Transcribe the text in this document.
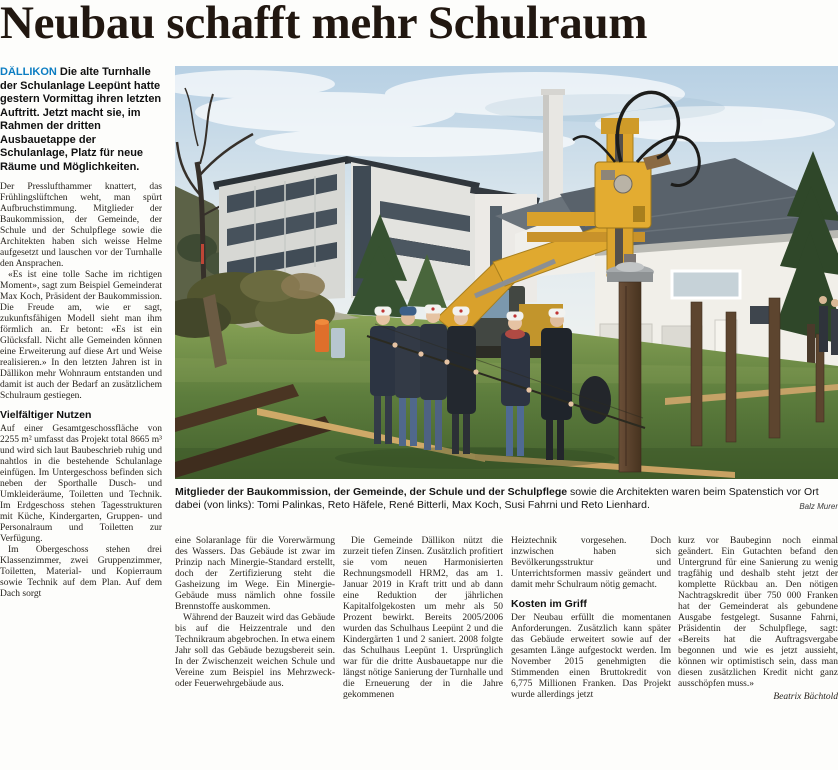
Neubau schafft mehr Schulraum

DÄLLIKON Die alte Turnhalle der Schulanlage Leepünt hatte gestern Vormittag ihren letzten Auftritt. Jetzt macht sie, im Rahmen der dritten Ausbauetappe der Schulanlage, Platz für neue Räume und Möglichkeiten.

Der Presslufthammer knattert, das Frühlingslüftchen weht, man spürt Aufbruchstimmung. Mitglieder der Baukommission, der Gemeinde, der Schule und der Schulpflege sowie die Architekten haben sich weisse Helme aufgesetzt und lauschen vor der Turnhalle den Ansprachen.

«Es ist eine tolle Sache im richtigen Moment», sagt zum Beispiel Gemeinderat Max Koch, Präsident der Baukommission. Die Freude am, wie er sagt, zukunftsfähigen Modell sieht man ihm förmlich an. Er betont: «Es ist ein Glücksfall. Nicht alle Gemeinden können eine Erweiterung auf diese Art und Weise realisieren.» In den letzten Jahren ist in Dällikon mehr Wohnraum entstanden und damit ist auch der Bedarf an zusätzlichem Schulraum gestiegen.

Vielfältiger Nutzen

Auf einer Gesamtgeschossfläche von 2255 m² umfasst das Projekt total 8665 m³ und wird sich laut Baubeschrieb ruhig und nahtlos in die bestehende Schulanlage einfügen. Im Untergeschoss befinden sich neben der Sporthalle Dusch- und Umkleideräume, Toiletten und Technik. Im Erdgeschoss stehen Tagesstrukturen mit Küche, Kindergarten, Gruppen- und Personalraum und Toiletten zur Verfügung.

Im Obergeschoss stehen drei Klassenzimmer, zwei Gruppenzimmer, Toiletten, Material- und Kopierraum sowie Technik auf dem Plan. Auf dem Dach sorgt

Mitglieder der Baukommission, der Gemeinde, der Schule und der Schulpflege sowie die Architekten waren beim Spatenstich vor Ort dabei (von links): Tomi Palinkas, Reto Häfele, René Bitterli, Max Koch, Susi Fahrni und Reto Lienhard.	Balz Murer

eine Solaranlage für die Vorerwärmung des Wassers. Das Gebäude ist zwar im Prinzip nach Minergie-Standard erstellt, doch der Zertifizierung steht die Gasheizung im Wege. Ein Minergie-Gebäude muss nämlich ohne fossile Brennstoffe auskommen.

Während der Bauzeit wird das Gebäude bis auf die Heizzentrale und den Technikraum abgebrochen. In etwa einem Jahr soll das Gebäude bezugsbereit sein. In der Zwischenzeit weichen Schule und Vereine zum Beispiel ins Mehrzweck- oder Feuerwehrgebäude aus.

Die Gemeinde Dällikon nützt die zurzeit tiefen Zinsen. Zusätzlich profitiert sie vom neuen Harmonisierten Rechnungsmodell HRM2, das am 1. Januar 2019 in Kraft tritt und ab dann eine Reduktion der jährlichen Kapitalfolgekosten um mehr als 50 Prozent bewirkt. Bereits 2005/2006 wurden das Schulhaus Leepünt 2 und die Kindergärten 1 und 2 saniert. 2008 folgte das Schulhaus Leepünt 1. Ursprünglich war für die dritte Ausbauetappe nur die längst nötige Sanierung der Turnhalle und die Erneuerung der in die Jahre gekommenen

Heiztechnik vorgesehen. Doch inzwischen haben sich Bevölkerungsstruktur und Unterrichtsformen massiv geändert und damit mehr Schulraum nötig gemacht.

Kosten im Griff

Der Neubau erfüllt die momentanen Anforderungen. Zusätzlich kann später das Gebäude erweitert sowie auf der gesamten Länge aufgestockt werden. Im November 2015 genehmigten die Stimmenden einen Bruttokredit von 6,775 Millionen Franken. Das Projekt wurde allerdings jetzt

kurz vor Baubeginn noch einmal geändert. Ein Gutachten befand den Untergrund für eine Sanierung zu wenig tragfähig und deshalb steht jetzt der komplette Rückbau an. Den nötigen Nachtragskredit über 750 000 Franken hat der Gemeinderat als gebundene Ausgabe festgelegt. Susanne Fahrni, Präsidentin der Schulpflege, sagt: «Bereits hat die Auftragsvergabe begonnen und wie es jetzt aussieht, können wir optimistisch sein, dass man diesen zusätzlichen Kredit nicht ganz ausschöpfen muss.»

Beatrix Bächtold
